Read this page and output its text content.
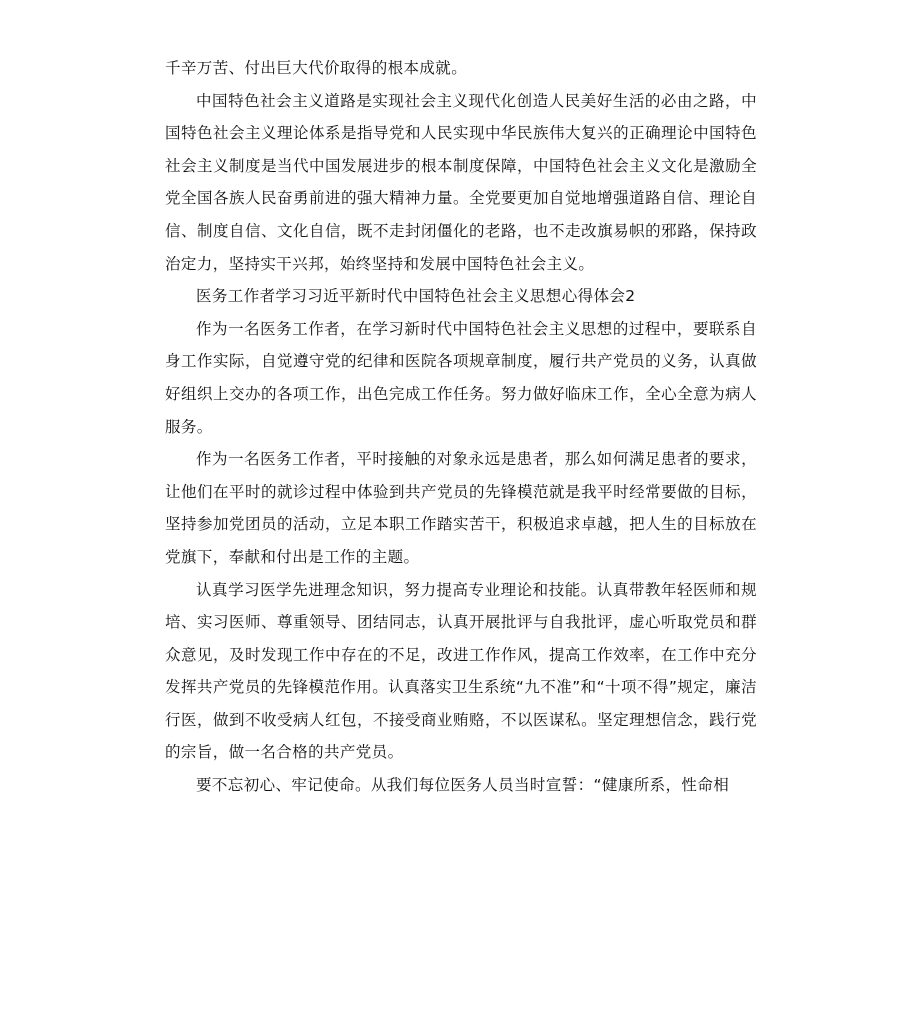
千辛万苦、付出巨大代价取得的根本成就。

中国特色社会主义道路是实现社会主义现代化创造人民美好生活的必由之路，中国特色社会主义理论体系是指导党和人民实现中华民族伟大复兴的正确理论中国特色社会主义制度是当代中国发展进步的根本制度保障，中国特色社会主义文化是激励全党全国各族人民奋勇前进的强大精神力量。全党要更加自觉地增强道路自信、理论自信、制度自信、文化自信，既不走封闭僵化的老路，也不走改旗易帜的邪路，保持政治定力，坚持实干兴邦，始终坚持和发展中国特色社会主义。

医务工作者学习习近平新时代中国特色社会主义思想心得体会2

作为一名医务工作者，在学习新时代中国特色社会主义思想的过程中，要联系自身工作实际，自觉遵守党的纪律和医院各项规章制度，履行共产党员的义务，认真做好组织上交办的各项工作，出色完成工作任务。努力做好临床工作，全心全意为病人服务。

作为一名医务工作者，平时接触的对象永远是患者，那么如何满足患者的要求，让他们在平时的就诊过程中体验到共产党员的先锋模范就是我平时经常要做的目标，坚持参加党团员的活动，立足本职工作踏实苦干，积极追求卓越，把人生的目标放在党旗下，奉献和付出是工作的主题。

认真学习医学先进理念知识，努力提高专业理论和技能。认真带教年轻医师和规培、实习医师、尊重领导、团结同志，认真开展批评与自我批评，虚心听取党员和群众意见，及时发现工作中存在的不足，改进工作作风，提高工作效率，在工作中充分发挥共产党员的先锋模范作用。认真落实卫生系统“九不准”和“十项不得”规定，廉洁行医，做到不收受病人红包，不接受商业贿赂，不以医谋私。坚定理想信念，践行党的宗旨，做一名合格的共产党员。

要不忘初心、牢记使命。从我们每位医务人员当时宣誓：“健康所系，性命相
